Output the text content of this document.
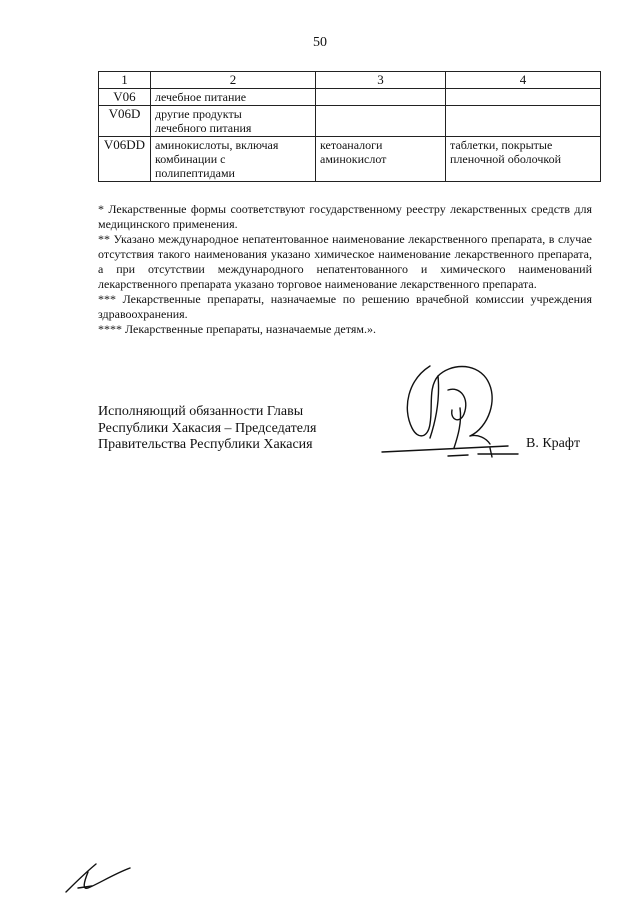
50
1	2	3	4
V06	лечебное питание		
V06D	другие продукты лечебного питания		
V06DD	аминокислоты, включая комбинации с полипептидами	кетоаналоги аминокислот	таблетки, покрытые пленочной оболочкой

* Лекарственные формы соответствуют государственному реестру лекарственных средств для медицинского применения.

** Указано международное непатентованное наименование лекарственного препарата, в случае отсутствия такого наименования указано химическое наименование лекарственного препарата, а при отсутствии международного непатентованного и химического наименований лекарственного препарата указано торговое наименование лекарственного препарата.

*** Лекарственные препараты, назначаемые по решению врачебной комиссии учреждения здравоохранения.

**** Лекарственные препараты, назначаемые детям.».

Исполняющий обязанности Главы
Республики Хакасия – Председателя
Правительства Республики Хакасия	В. Крафт
